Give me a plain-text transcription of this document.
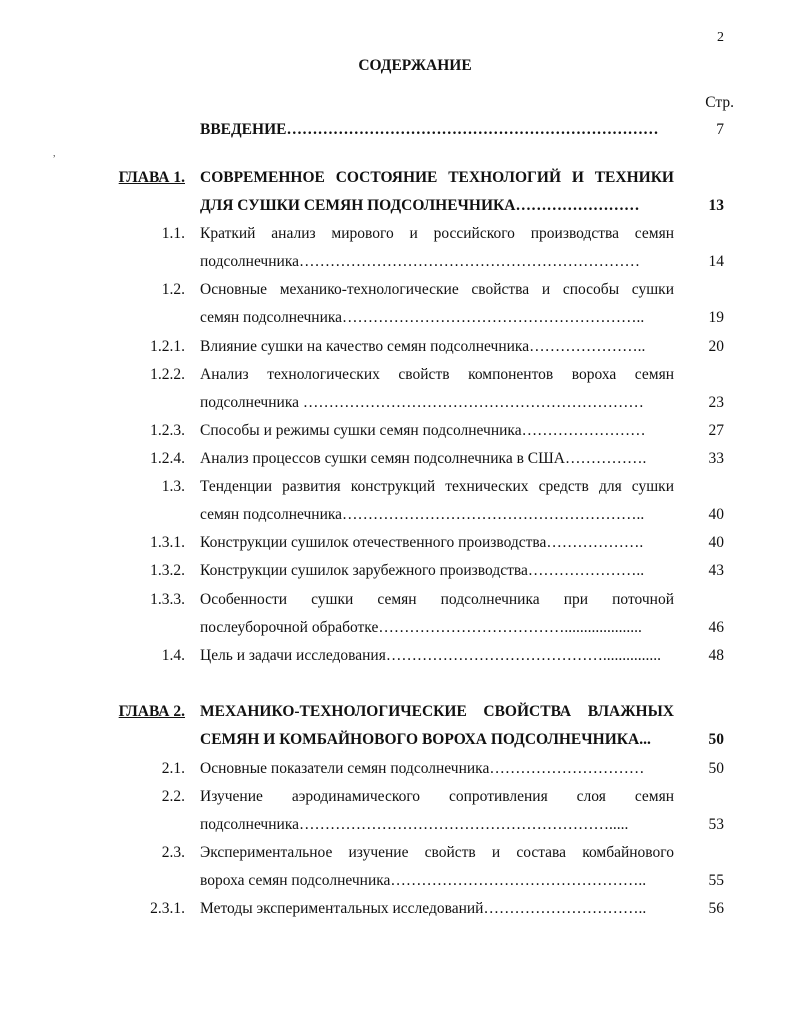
2
СОДЕРЖАНИЕ
Стр.
,
ВВЕДЕНИЕ………………………………………………………………	7
ГЛАВА 1. СОВРЕМЕННОЕ СОСТОЯНИЕ ТЕХНОЛОГИЙ И ТЕХНИКИ
ДЛЯ СУШКИ СЕМЯН ПОДСОЛНЕЧНИКА……………………	13
1.1. Краткий анализ мирового и российского производства семян
подсолнечника…………………………………………………………	14
1.2. Основные механико-технологические свойства и способы сушки
семян подсолнечника…………………………………………………..	19
1.2.1. Влияние сушки на качество семян подсолнечника…………………..	20
1.2.2. Анализ технологических свойств компонентов вороха семян
подсолнечника …………………………………………………………	23
1.2.3. Способы и режимы сушки семян подсолнечника……………………	27
1.2.4. Анализ процессов сушки семян подсолнечника в США…………….	33
1.3. Тенденции развития конструкций технических средств для сушки
семян подсолнечника…………………………………………………..	40
1.3.1. Конструкции сушилок отечественного производства……………….	40
1.3.2. Конструкции сушилок зарубежного производства…………………..	43
1.3.3. Особенности сушки семян подсолнечника при поточной
послеуборочной обработке………………………………....................	46
1.4. Цель и задачи исследования……………………………………...............	48
ГЛАВА 2. МЕХАНИКО-ТЕХНОЛОГИЧЕСКИЕ СВОЙСТВА ВЛАЖНЫХ
СЕМЯН И КОМБАЙНОВОГО ВОРОХА ПОДСОЛНЕЧНИКА...	50
2.1. Основные показатели семян подсолнечника…………………………	50
2.2. Изучение аэродинамического сопротивления слоя семян
подсолнечника…………………………………………………….....	53
2.3. Экспериментальное изучение свойств и состава комбайнового
вороха семян подсолнечника…………………………………………..	55
2.3.1. Методы экспериментальных исследований…………………………..	56
